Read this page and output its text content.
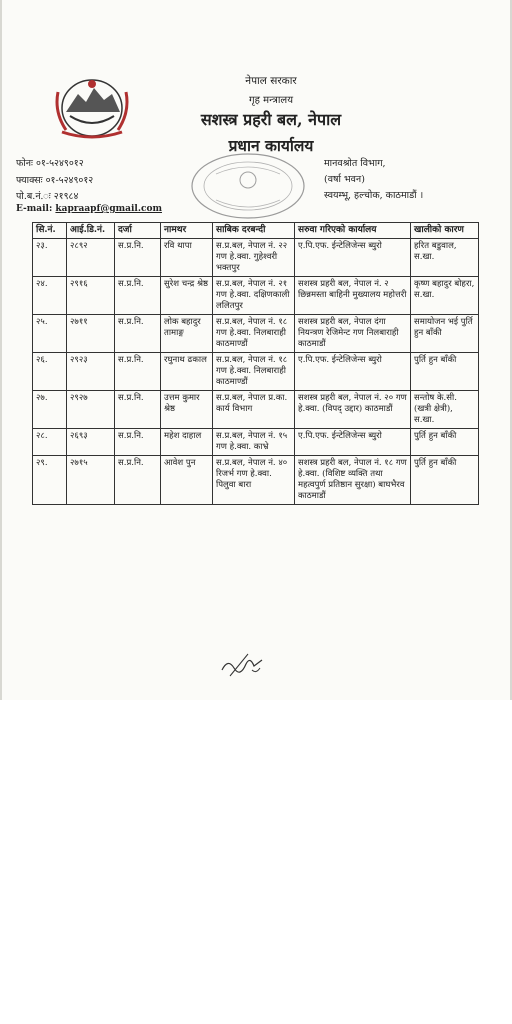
नेपाल सरकार
गृह मन्त्रालय
सशस्त्र प्रहरी बल, नेपाल
प्रधान कार्यालय
फोनः ०१-५२४९०१२
फ्याक्सः ०१-५२४९०१२
पो.ब.नं.ः २१९८४
E-mail: kapraapf@gmail.com
मानवश्रोत विभाग,
(वर्षा भवन)
स्वयम्भू, हल्चोक, काठमाडौं ।
सि.नं.	आई.डि.नं.	दर्जा	नामथर	साबिक दरबन्दी	सरुवा गरिएको कार्यालय	खालीको कारण
२३.	२८९२	स.प्र.नि.	रवि थापा	स.प्र.बल, नेपाल नं. २२ गण हे.क्वा. गुहेश्वरी भक्तपुर	ए.पि.एफ. ईन्टेलिजेन्स ब्युरो	हरित बडुवाल, स.खा.
२४.	२९१६	स.प्र.नि.	सुरेश चन्द्र श्रेष्ठ	स.प्र.बल, नेपाल नं. २१ गण हे.क्वा. दक्षिणकाली ललितपुर	सशस्त्र प्रहरी बल, नेपाल नं. २ छिन्नमस्ता बाहिनी मुख्यालय महोत्तरी	कृष्ण बहादुर बोहरा, स.खा.
२५.	२७११	स.प्र.नि.	लोक बहादुर तामाङ्ग	स.प्र.बल, नेपाल नं. १८ गण हे.क्वा. निलबाराही काठमाण्डौं	सशस्त्र प्रहरी बल, नेपाल दंगा नियन्त्रण रेजिमेन्ट गण निलबाराही काठमाडौं	समायोजन भई पुर्ति हुन बाँकी
२६.	२९२३	स.प्र.नि.	रघुनाथ ढकाल	स.प्र.बल, नेपाल नं. १८ गण हे.क्वा. निलबाराही काठमाण्डौं	ए.पि.एफ. ईन्टेलिजेन्स ब्युरो	पुर्ति हुन बाँकी
२७.	२९२७	स.प्र.नि.	उत्तम कुमार श्रेष्ठ	स.प्र.बल, नेपाल प्र.का. कार्य विभाग	सशस्त्र प्रहरी बल, नेपाल नं. २० गण हे.क्वा. (विपद् उद्दार) काठमाडौं	सन्तोष के.सी. (खत्री क्षेत्री), स.खा.
२८.	२६९३	स.प्र.नि.	महेश दाहाल	स.प्र.बल, नेपाल नं. १५ गण हे.क्वा. काभ्रे	ए.पि.एफ. ईन्टेलिजेन्स ब्युरो	पुर्ति हुन बाँकी
२९.	२७१५	स.प्र.नि.	आवेश पुन	स.प्र.बल, नेपाल नं. ४० रिजर्भ गण हे.क्वा. पिलुवा बारा	सशस्त्र प्रहरी बल, नेपाल नं. १८ गण हे.क्वा. (विशिष्ट व्यक्ति तथा महत्वपुर्ण प्रतिष्ठान सुरक्षा) बाघभैरव काठमाडौं	पुर्ति हुन बाँकी
